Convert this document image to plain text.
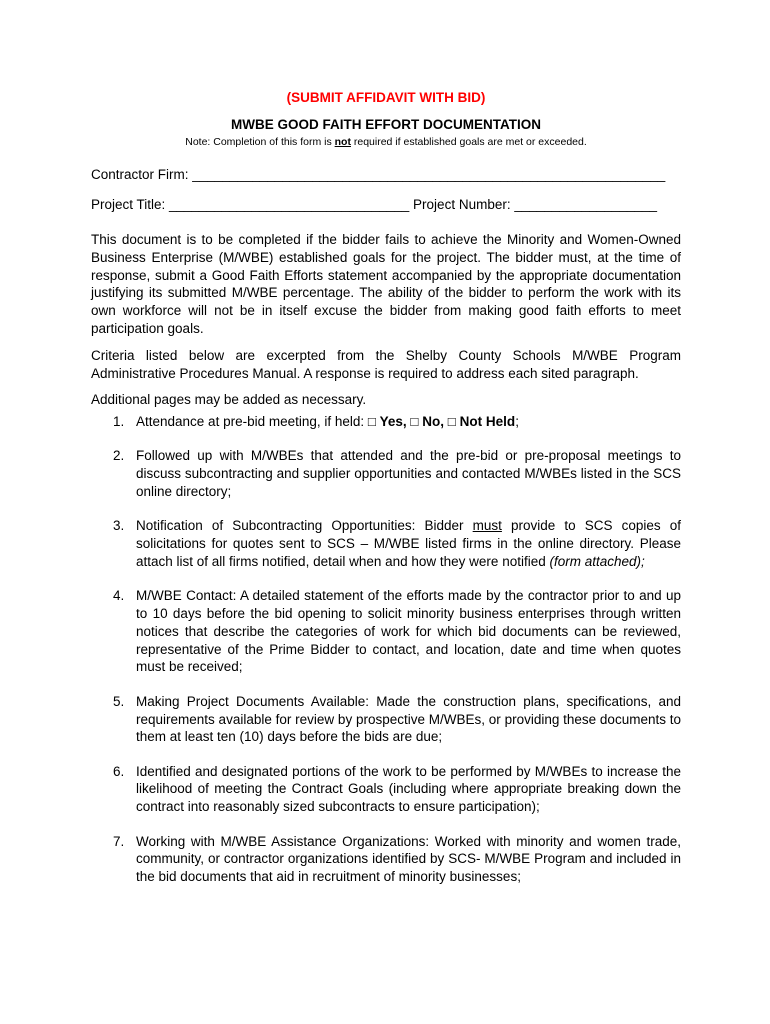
(SUBMIT AFFIDAVIT WITH BID)
MWBE GOOD FAITH EFFORT DOCUMENTATION
Note: Completion of this form is not required if established goals are met or exceeded.
Contractor Firm: _______________________________________________________________
Project Title: ________________________________ Project Number: ___________________

This document is to be completed if the bidder fails to achieve the Minority and Women-Owned Business Enterprise (M/WBE) established goals for the project. The bidder must, at the time of response, submit a Good Faith Efforts statement accompanied by the appropriate documentation justifying its submitted M/WBE percentage. The ability of the bidder to perform the work with its own workforce will not be in itself excuse the bidder from making good faith efforts to meet participation goals.

Criteria listed below are excerpted from the Shelby County Schools M/WBE Program Administrative Procedures Manual. A response is required to address each sited paragraph.

Additional pages may be added as necessary.

1. Attendance at pre-bid meeting, if held: □ Yes, □ No, □ Not Held;
2. Followed up with M/WBEs that attended and the pre-bid or pre-proposal meetings to discuss subcontracting and supplier opportunities and contacted M/WBEs listed in the SCS online directory;
3. Notification of Subcontracting Opportunities: Bidder must provide to SCS copies of solicitations for quotes sent to SCS – M/WBE listed firms in the online directory. Please attach list of all firms notified, detail when and how they were notified (form attached);
4. M/WBE Contact: A detailed statement of the efforts made by the contractor prior to and up to 10 days before the bid opening to solicit minority business enterprises through written notices that describe the categories of work for which bid documents can be reviewed, representative of the Prime Bidder to contact, and location, date and time when quotes must be received;
5. Making Project Documents Available: Made the construction plans, specifications, and requirements available for review by prospective M/WBEs, or providing these documents to them at least ten (10) days before the bids are due;
6. Identified and designated portions of the work to be performed by M/WBEs to increase the likelihood of meeting the Contract Goals (including where appropriate breaking down the contract into reasonably sized subcontracts to ensure participation);
7. Working with M/WBE Assistance Organizations: Worked with minority and women trade, community, or contractor organizations identified by SCS- M/WBE Program and included in the bid documents that aid in recruitment of minority businesses;
